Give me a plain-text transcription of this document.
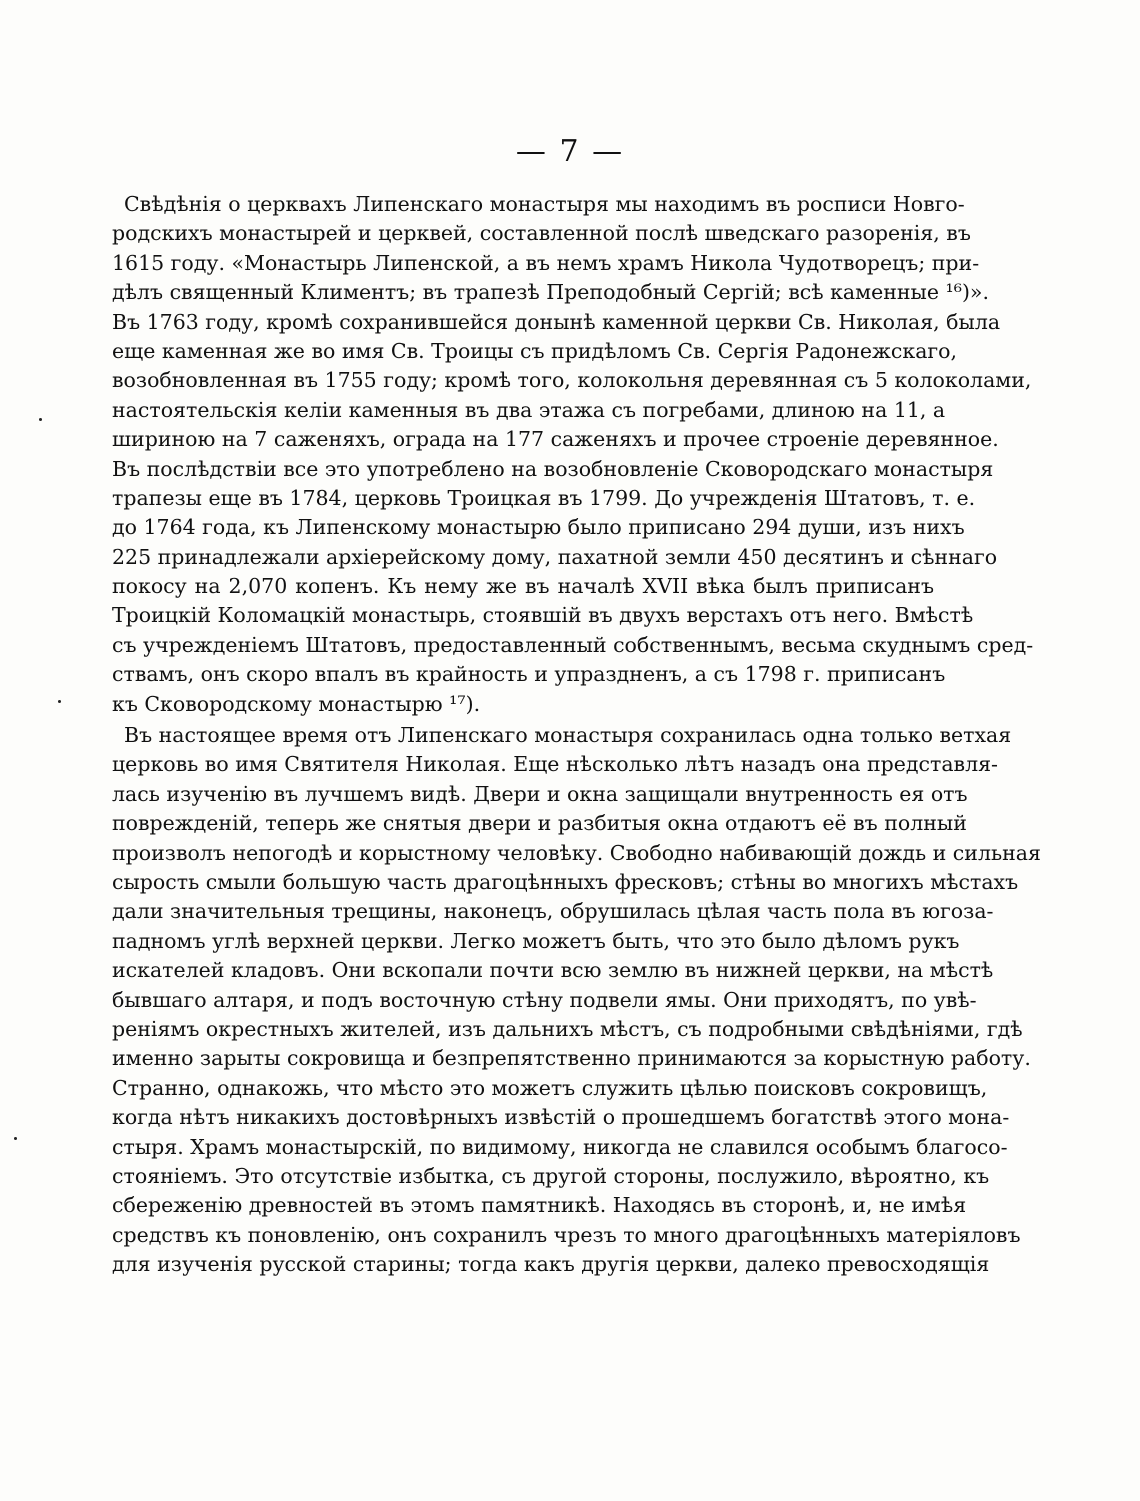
— 7 —
Свѣдѣнія о церквахъ Липенскаго монастыря мы находимъ въ росписи Новго-
родскихъ монастырей и церквей, составленной послѣ шведскаго разоренія, въ
1615 году. «Монастырь Липенской, а въ немъ храмъ Никола Чудотворецъ; при-
дѣлъ священный Климентъ; въ трапезѣ Преподобный Сергій; всѣ каменные ¹⁶)».
Въ 1763 году, кромѣ сохранившейся донынѣ каменной церкви Св. Николая, была
еще каменная же во имя Св. Троицы съ придѣломъ Св. Сергія Радонежскаго,
возобновленная въ 1755 году; кромѣ того, колокольня деревянная съ 5 колоколами,
настоятельскія келіи каменныя въ два этажа съ погребами, длиною на 11, а
шириною на 7 саженяхъ, ограда на 177 саженяхъ и прочее строеніе деревянное.
Въ послѣдствіи все это употреблено на возобновленіе Сковородскаго монастыря
трапезы еще въ 1784, церковь Троицкая въ 1799. До учрежденія Штатовъ, т. е.
до 1764 года, къ Липенскому монастырю было приписано 294 души, изъ нихъ
225 принадлежали архіерейскому дому, пахатной земли 450 десятинъ и сѣннаго
покосу на 2,070 копенъ. Къ нему же въ началѣ XVII вѣка былъ приписанъ
Троицкій Коломацкій монастырь, стоявшій въ двухъ верстахъ отъ него. Вмѣстѣ
съ учрежденіемъ Штатовъ, предоставленный собственнымъ, весьма скуднымъ сред-
ствамъ, онъ скоро впалъ въ крайность и упраздненъ, а съ 1798 г. приписанъ
къ Сковородскому монастырю ¹⁷).
Въ настоящее время отъ Липенскаго монастыря сохранилась одна только ветхая
церковь во имя Святителя Николая. Еще нѣсколько лѣтъ назадъ она представля-
лась изученію въ лучшемъ видѣ. Двери и окна защищали внутренность ея отъ
поврежденій, теперь же снятыя двери и разбитыя окна отдаютъ её въ полный
произволъ непогодѣ и корыстному человѣку. Свободно набивающій дождь и сильная
сырость смыли большую часть драгоцѣнныхъ фресковъ; стѣны во многихъ мѣстахъ
дали значительныя трещины, наконецъ, обрушилась цѣлая часть пола въ югоза-
падномъ углѣ верхней церкви. Легко можетъ быть, что это было дѣломъ рукъ
искателей кладовъ. Они вскопали почти всю землю въ нижней церкви, на мѣстѣ
бывшаго алтаря, и подъ восточную стѣну подвели ямы. Они приходятъ, по увѣ-
реніямъ окрестныхъ жителей, изъ дальнихъ мѣстъ, съ подробными свѣдѣніями, гдѣ
именно зарыты сокровища и безпрепятственно принимаются за корыстную работу.
Странно, однакожь, что мѣсто это можетъ служить цѣлью поисковъ сокровищъ,
когда нѣтъ никакихъ достовѣрныхъ извѣстій о прошедшемъ богатствѣ этого мона-
стыря. Храмъ монастырскій, по видимому, никогда не славился особымъ благосо-
стояніемъ. Это отсутствіе избытка, съ другой стороны, послужило, вѣроятно, къ
сбереженію древностей въ этомъ памятникѣ. Находясь въ сторонѣ, и, не имѣя
средствъ къ поновленію, онъ сохранилъ чрезъ то много драгоцѣнныхъ матеріяловъ
для изученія русской старины; тогда какъ другія церкви, далеко превосходящія
